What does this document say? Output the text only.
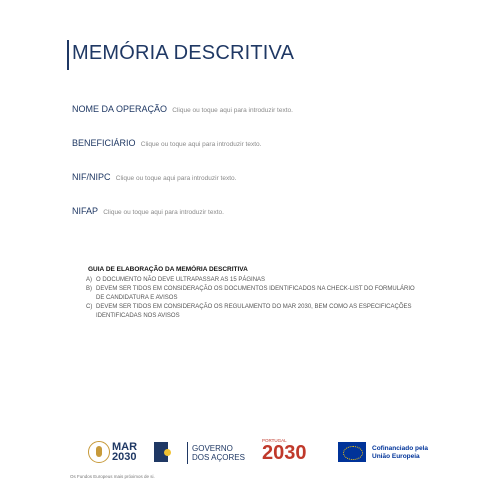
MEMÓRIA DESCRITIVA
NOME DA OPERAÇÃO Clique ou toque aqui para introduzir texto.
BENEFICIÁRIO Clique ou toque aqui para introduzir texto.
NIF/NIPC Clique ou toque aqui para introduzir texto.
NIFAP Clique ou toque aqui para introduzir texto.
GUIA DE ELABORAÇÃO DA MEMÓRIA DESCRITIVA
A) O DOCUMENTO NÃO DEVE ULTRAPASSAR AS 15 PÁGINAS
B) DEVEM SER TIDOS EM CONSIDERAÇÃO OS DOCUMENTOS IDENTIFICADOS NA CHECK-LIST DO FORMULÁRIO DE CANDIDATURA E AVISOS
C) DEVEM SER TIDOS EM CONSIDERAÇÃO OS REGULAMENTO DO MAR 2030, BEM COMO AS ESPECIFICAÇÕES IDENTIFICADAS NOS AVISOS
MAR 2030
GOVERNO
DOS AÇORES
PORTUGAL
2030	Cofinanciado pela
União Europeia
Os Fundos Europeus mais próximos de si.
